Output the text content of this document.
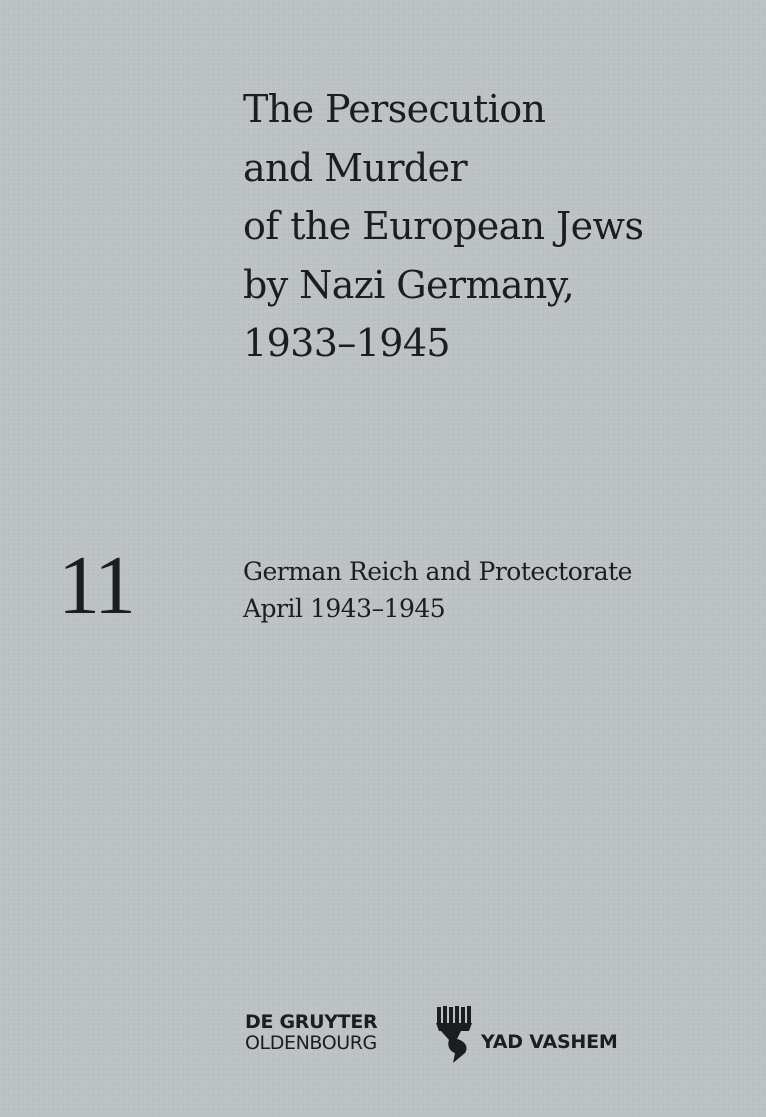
The Persecution
and Murder
of the European Jews
by Nazi Germany,
1933–1945
11	German Reich and Protectorate
April 1943–1945
DE GRUYTER
OLDENBOURG	YAD VASHEM
